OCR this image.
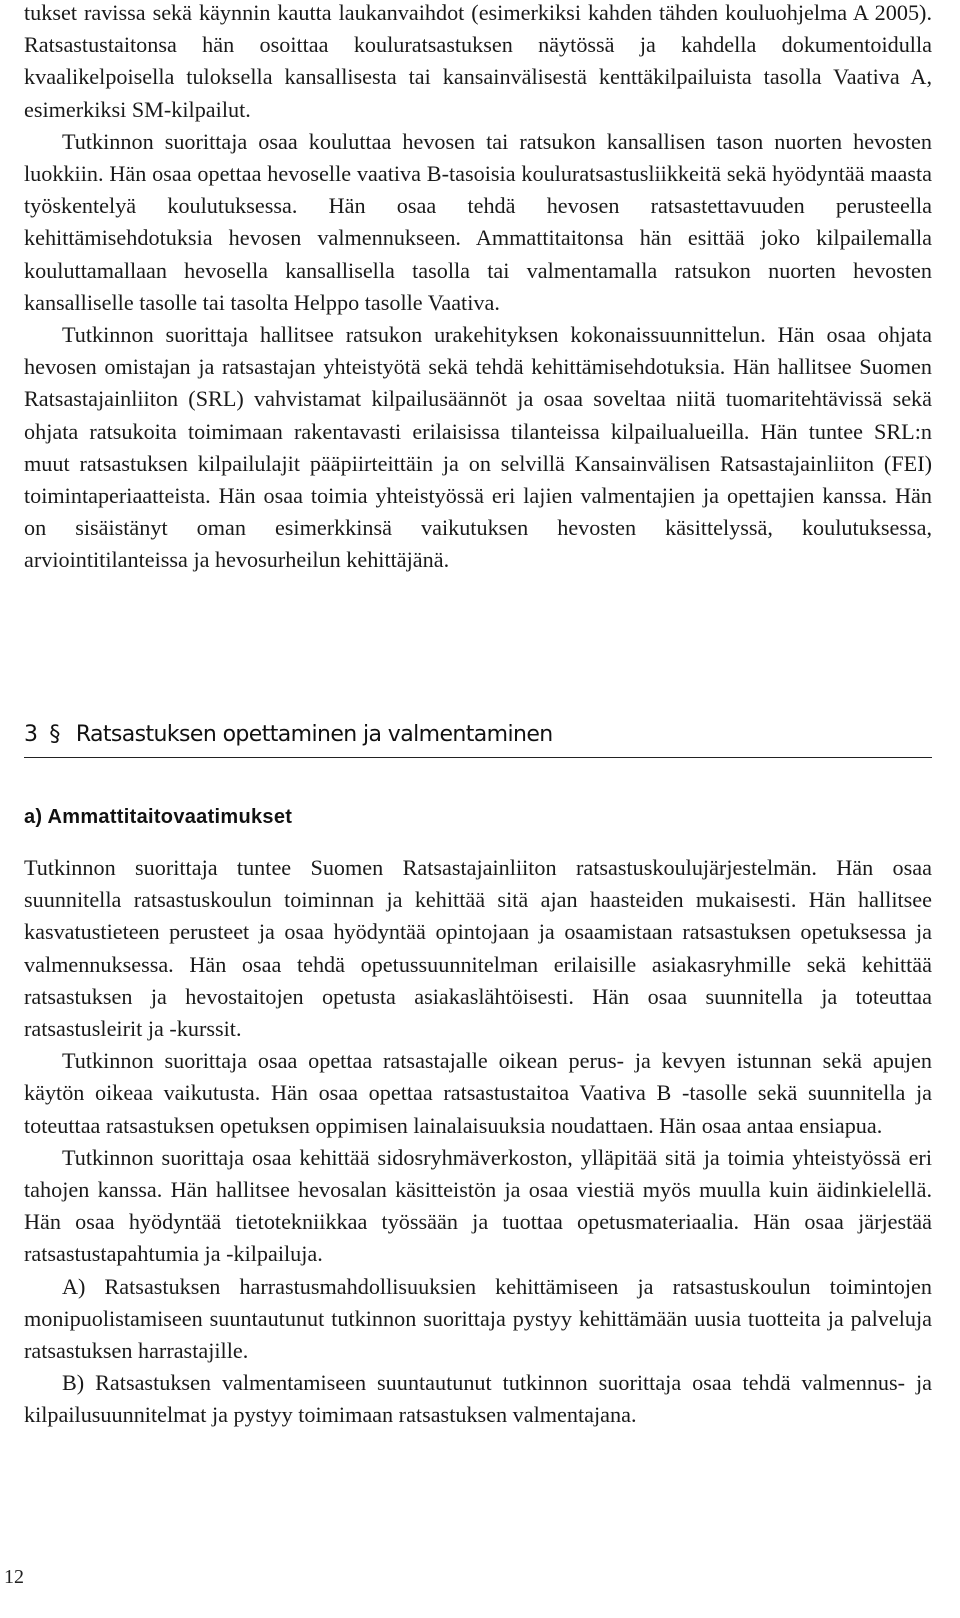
tukset ravissa sekä käynnin kautta laukanvaihdot (esimerkiksi kahden tähden kouluohjelma A 2005). Ratsastustaitonsa hän osoittaa kouluratsastuksen näytössä ja kahdella dokumentoidulla kvaalikelpoisella tuloksella kansallisesta tai kansainvälisestä kenttäkilpailuista tasolla Vaativa A, esimerkiksi SM-kilpailut.

Tutkinnon suorittaja osaa kouluttaa hevosen tai ratsukon kansallisen tason nuorten hevosten luokkiin. Hän osaa opettaa hevoselle vaativa B-tasoisia kouluratsastusliikkeitä sekä hyödyntää maasta työskentelyä koulutuksessa. Hän osaa tehdä hevosen ratsastettavuuden perusteella kehittämisehdotuksia hevosen valmennukseen. Ammattitaitonsa hän esittää joko kilpailemalla kouluttamallaan hevosella kansallisella tasolla tai valmentamalla ratsukon nuorten hevosten kansalliselle tasolle tai tasolta Helppo tasolle Vaativa.

Tutkinnon suorittaja hallitsee ratsukon urakehityksen kokonaissuunnittelun. Hän osaa ohjata hevosen omistajan ja ratsastajan yhteistyötä sekä tehdä kehittämisehdotuksia. Hän hallitsee Suomen Ratsastajainliiton (SRL) vahvistamat kilpailusäännöt ja osaa soveltaa niitä tuomaritehtävissä sekä ohjata ratsukoita toimimaan rakentavasti erilaisissa tilanteissa kilpailualueilla. Hän tuntee SRL:n muut ratsastuksen kilpailulajit pääpiirteittäin ja on selvillä Kansainvälisen Ratsastajainliiton (FEI) toimintaperiaatteista. Hän osaa toimia yhteistyössä eri lajien valmentajien ja opettajien kanssa. Hän on sisäistänyt oman esimerkkinsä vaikutuksen hevosten käsittelyssä, koulutuksessa, arviointitilanteissa ja hevosurheilun kehittäjänä.

3 § Ratsastuksen opettaminen ja valmentaminen
a) Ammattitaitovaatimukset

Tutkinnon suorittaja tuntee Suomen Ratsastajainliiton ratsastuskoulujärjestelmän. Hän osaa suunnitella ratsastuskoulun toiminnan ja kehittää sitä ajan haasteiden mukaisesti. Hän hallitsee kasvatustieteen perusteet ja osaa hyödyntää opintojaan ja osaamistaan ratsastuksen opetuksessa ja valmennuksessa. Hän osaa tehdä opetussuunnitelman erilaisille asiakasryhmille sekä kehittää ratsastuksen ja hevostaitojen opetusta asiakaslähtöisesti. Hän osaa suunnitella ja toteuttaa ratsastusleirit ja -kurssit.

Tutkinnon suorittaja osaa opettaa ratsastajalle oikean perus- ja kevyen istunnan sekä apujen käytön oikeaa vaikutusta. Hän osaa opettaa ratsastustaitoa Vaativa B -tasolle sekä suunnitella ja toteuttaa ratsastuksen opetuksen oppimisen lainalaisuuksia noudattaen. Hän osaa antaa ensiapua.

Tutkinnon suorittaja osaa kehittää sidosryhmäverkoston, ylläpitää sitä ja toimia yhteistyössä eri tahojen kanssa. Hän hallitsee hevosalan käsitteistön ja osaa viestiä myös muulla kuin äidinkielellä. Hän osaa hyödyntää tietotekniikkaa työssään ja tuottaa opetusmateriaalia. Hän osaa järjestää ratsastustapahtumia ja -kilpailuja.

A) Ratsastuksen harrastusmahdollisuuksien kehittämiseen ja ratsastuskoulun toimintojen monipuolistamiseen suuntautunut tutkinnon suorittaja pystyy kehittämään uusia tuotteita ja palveluja ratsastuksen harrastajille.

B) Ratsastuksen valmentamiseen suuntautunut tutkinnon suorittaja osaa tehdä valmennus- ja kilpailusuunnitelmat ja pystyy toimimaan ratsastuksen valmentajana.

12
